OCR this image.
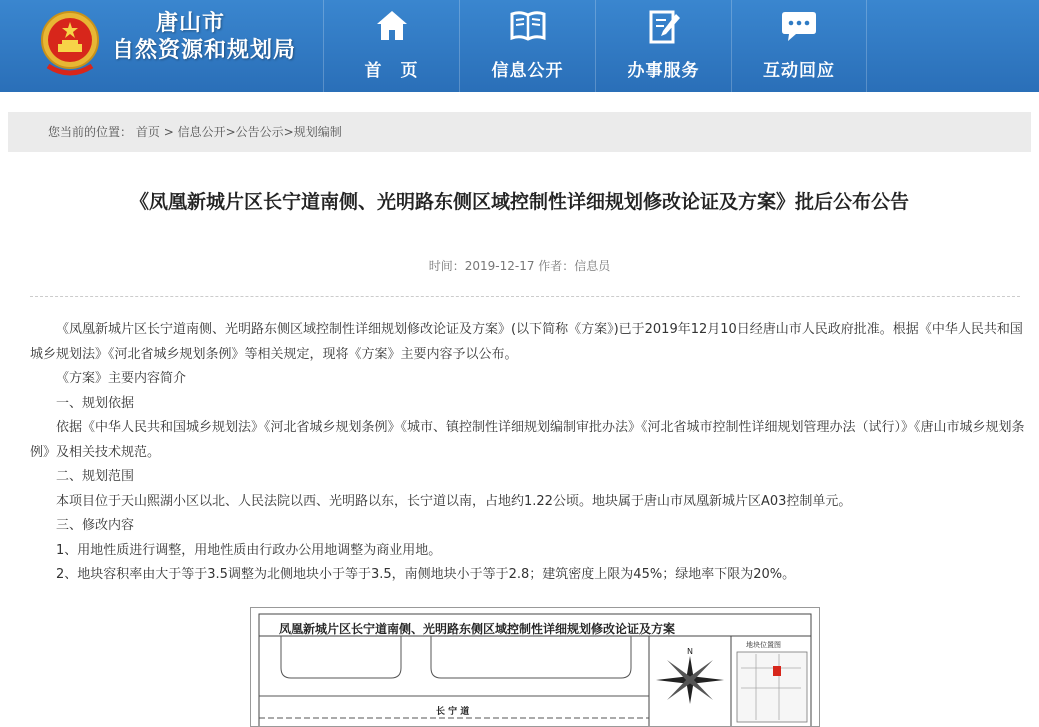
唐山市
自然资源和规划局
首　页	信息公开	办事服务	互动回应
您当前的位置： 首页 > 信息公开>公告公示>规划编制
《凤凰新城片区长宁道南侧、光明路东侧区域控制性详细规划修改论证及方案》批后公布公告
时间：2019-12-17 作者：信息员

《凤凰新城片区长宁道南侧、光明路东侧区域控制性详细规划修改论证及方案》(以下简称《方案》)已于2019年12月10日经唐山市人民政府批准。根据《中华人民共和国城乡规划法》《河北省城乡规划条例》等相关规定，现将《方案》主要内容予以公布。

《方案》主要内容简介

一、规划依据

依据《中华人民共和国城乡规划法》《河北省城乡规划条例》《城市、镇控制性详细规划编制审批办法》《河北省城市控制性详细规划管理办法（试行）》《唐山市城乡规划条例》及相关技术规范。

二、规划范围

本项目位于天山熙湖小区以北、人民法院以西、光明路以东，长宁道以南，占地约1.22公顷。地块属于唐山市凤凰新城片区A03控制单元。

三、修改内容

1、用地性质进行调整，用地性质由行政办公用地调整为商业用地。

2、地块容积率由大于等于3.5调整为北侧地块小于等于3.5，南侧地块小于等于2.8；建筑密度上限为45%；绿地率下限为20%。

N
凤凰新城片区长宁道南侧、光明路东侧区域控制性详细规划修改论证及方案
长 宁 道
地块位置图
